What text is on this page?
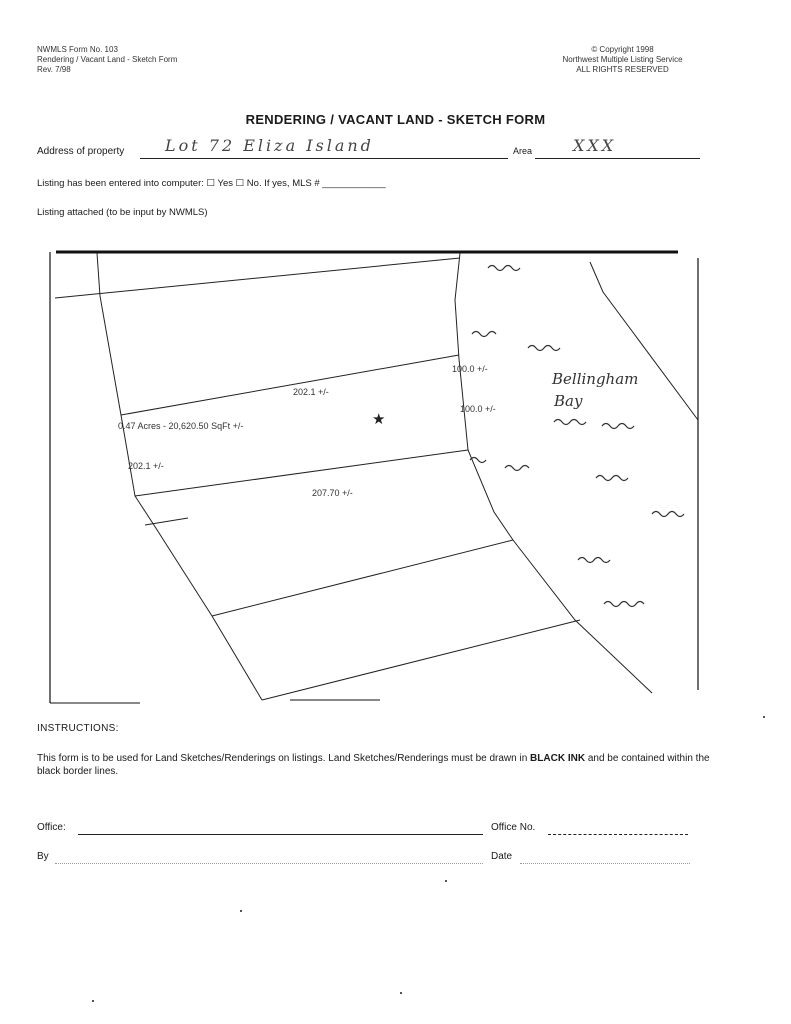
NWMLS Form No. 103
Rendering / Vacant Land - Sketch Form
Rev. 7/98
© Copyright 1998
Northwest Multiple Listing Service
ALL RIGHTS RESERVED
RENDERING / VACANT LAND - SKETCH FORM
Address of property	Lot 72 Eliza Island	Area	XXX
Listing has been entered into computer: ☐ Yes ☐ No. If yes, MLS # ____________
Listing attached (to be input by NWMLS)
202.1 +/-
100.0 +/-
100.0 +/-
202.1 +/-
207.70 +/-
0.47 Acres - 20,620.50 SqFt +/-	★
Bellingham
Bay
INSTRUCTIONS:
This form is to be used for Land Sketches/Renderings on listings. Land Sketches/Renderings must be drawn in BLACK INK and be contained within the black border lines.
Office:	Office No.
By	Date
